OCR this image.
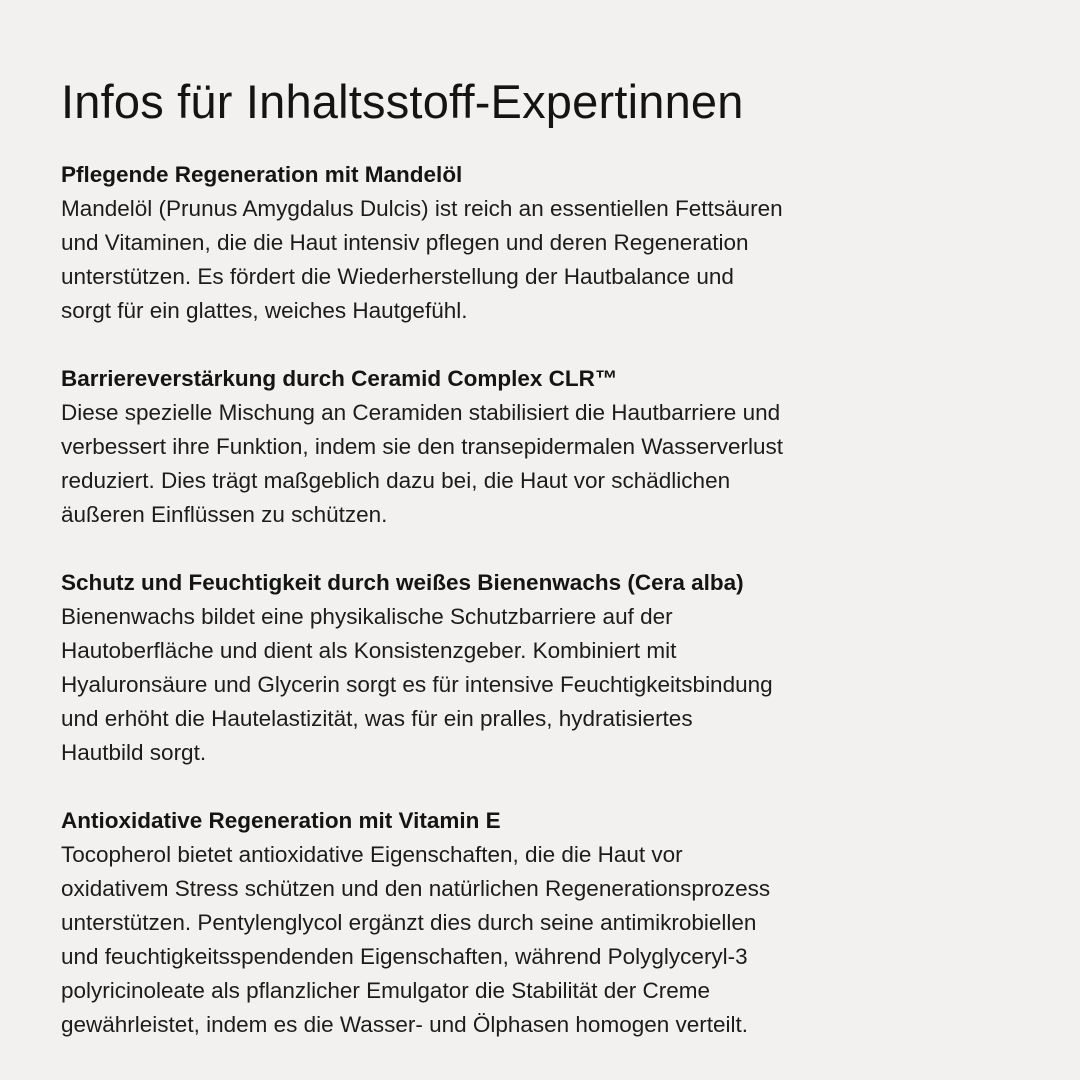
Infos für Inhaltsstoff-Expertinnen
Pflegende Regeneration mit Mandelöl

Mandelöl (Prunus Amygdalus Dulcis) ist reich an essentiellen Fettsäuren
und Vitaminen, die die Haut intensiv pflegen und deren Regeneration
unterstützen. Es fördert die Wiederherstellung der Hautbalance und
sorgt für ein glattes, weiches Hautgefühl.

Barriereverstärkung durch Ceramid Complex CLR™

Diese spezielle Mischung an Ceramiden stabilisiert die Hautbarriere und
verbessert ihre Funktion, indem sie den transepidermalen Wasserverlust
reduziert. Dies trägt maßgeblich dazu bei, die Haut vor schädlichen
äußeren Einflüssen zu schützen.

Schutz und Feuchtigkeit durch weißes Bienenwachs (Cera alba)

Bienenwachs bildet eine physikalische Schutzbarriere auf der
Hautoberfläche und dient als Konsistenzgeber. Kombiniert mit
Hyaluronsäure und Glycerin sorgt es für intensive Feuchtigkeitsbindung
und erhöht die Hautelastizität, was für ein pralles, hydratisiertes
Hautbild sorgt.

Antioxidative Regeneration mit Vitamin E

Tocopherol bietet antioxidative Eigenschaften, die die Haut vor
oxidativem Stress schützen und den natürlichen Regenerationsprozess
unterstützen. Pentylenglycol ergänzt dies durch seine antimikrobiellen
und feuchtigkeitsspendenden Eigenschaften, während Polyglyceryl-3
polyricinoleate als pflanzlicher Emulgator die Stabilität der Creme
gewährleistet, indem es die Wasser- und Ölphasen homogen verteilt.
